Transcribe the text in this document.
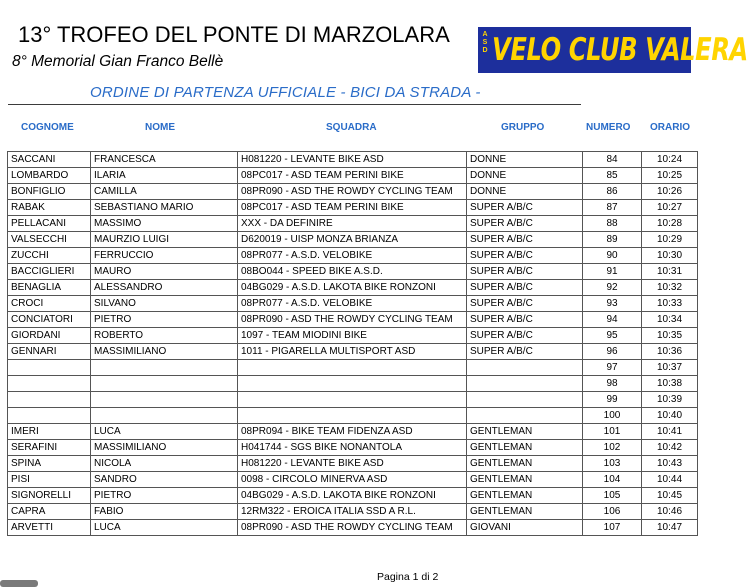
13° TROFEO DEL PONTE DI MARZOLARA
8° Memorial Gian Franco Bellè
A S D VELO CLUB VALERA
ORDINE DI PARTENZA UFFICIALE - BICI DA STRADA -
COGNOME	NOME	SQUADRA	GRUPPO	NUMERO ORARIO
SACCANI	FRANCESCA	H081220 - LEVANTE BIKE ASD	DONNE	84	10:24
LOMBARDO	ILARIA	08PC017 - ASD TEAM PERINI BIKE	DONNE	85	10:25
BONFIGLIO	CAMILLA	08PR090 - ASD THE ROWDY CYCLING TEAM	DONNE	86	10:26
RABAK	SEBASTIANO MARIO	08PC017 - ASD TEAM PERINI BIKE	SUPER A/B/C	87	10:27
PELLACANI	MASSIMO	XXX - DA DEFINIRE	SUPER A/B/C	88	10:28
VALSECCHI	MAURZIO LUIGI	D620019 - UISP MONZA BRIANZA	SUPER A/B/C	89	10:29
ZUCCHI	FERRUCCIO	08PR077 - A.S.D. VELOBIKE	SUPER A/B/C	90	10:30
BACCIGLIERI	MAURO	08BO044 - SPEED BIKE A.S.D.	SUPER A/B/C	91	10:31
BENAGLIA	ALESSANDRO	04BG029 - A.S.D. LAKOTA BIKE RONZONI	SUPER A/B/C	92	10:32
CROCI	SILVANO	08PR077 - A.S.D. VELOBIKE	SUPER A/B/C	93	10:33
CONCIATORI	PIETRO	08PR090 - ASD THE ROWDY CYCLING TEAM	SUPER A/B/C	94	10:34
GIORDANI	ROBERTO	1097 - TEAM MIODINI BIKE	SUPER A/B/C	95	10:35
GENNARI	MASSIMILIANO	1011 - PIGARELLA MULTISPORT ASD	SUPER A/B/C	96	10:36
				97	10:37
				98	10:38
				99	10:39
				100	10:40
IMERI	LUCA	08PR094 - BIKE TEAM FIDENZA ASD	GENTLEMAN	101	10:41
SERAFINI	MASSIMILIANO	H041744 - SGS BIKE NONANTOLA	GENTLEMAN	102	10:42
SPINA	NICOLA	H081220 - LEVANTE BIKE ASD	GENTLEMAN	103	10:43
PISI	SANDRO	0098 - CIRCOLO MINERVA ASD	GENTLEMAN	104	10:44
SIGNORELLI	PIETRO	04BG029 - A.S.D. LAKOTA BIKE RONZONI	GENTLEMAN	105	10:45
CAPRA	FABIO	12RM322 - EROICA ITALIA SSD A R.L.	GENTLEMAN	106	10:46
ARVETTI	LUCA	08PR090 - ASD THE ROWDY CYCLING TEAM	GIOVANI	107	10:47
Pagina 1 di 2
